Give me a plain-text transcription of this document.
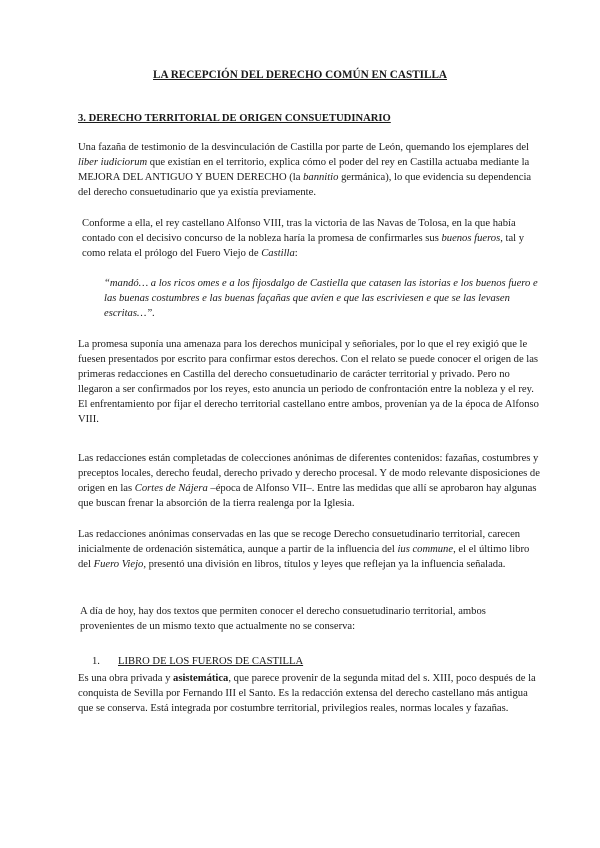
LA RECEPCIÓN DEL DERECHO COMÚN EN CASTILLA
3. DERECHO TERRITORIAL DE ORIGEN CONSUETUDINARIO

Una fazaña de testimonio de la desvinculación de Castilla por parte de León, quemando los ejemplares del liber iudiciorum que existían en el territorio, explica cómo el poder del rey en Castilla actuaba mediante la MEJORA DEL ANTIGUO Y BUEN DERECHO (la bannitio germánica), lo que evidencia su dependencia del derecho consuetudinario que ya existía previamente.

Conforme a ella, el rey castellano Alfonso VIII, tras la victoria de las Navas de Tolosa, en la que había contado con el decisivo concurso de la nobleza haría la promesa de confirmarles sus buenos fueros, tal y como relata el prólogo del Fuero Viejo de Castilla:

“mandó… a los ricos omes e a los fijosdalgo de Castiella que catasen las istorias e los buenos fuero e las buenas costumbres e las buenas façañas que avíen e que las escriviesen e que se las levasen escritas…”.

La promesa suponía una amenaza para los derechos municipal y señoriales, por lo que el rey exigió que le fuesen presentados por escrito para confirmar estos derechos. Con el relato se puede conocer el origen de las primeras redacciones en Castilla del derecho consuetudinario de carácter territorial y privado. Pero no llegaron a ser confirmados por los reyes, esto anuncia un periodo de confrontación entre la nobleza y el rey. El enfrentamiento por fijar el derecho territorial castellano entre ambos, provenían ya de la época de Alfonso VIII.

Las redacciones están completadas de colecciones anónimas de diferentes contenidos: fazañas, costumbres y preceptos locales, derecho feudal, derecho privado y derecho procesal. Y de modo relevante disposiciones de origen en las Cortes de Nájera –época de Alfonso VII–. Entre las medidas que allí se aprobaron hay algunas que buscan frenar la absorción de la tierra realenga por la Iglesia.

Las redacciones anónimas conservadas en las que se recoge Derecho consuetudinario territorial, carecen inicialmente de ordenación sistemática, aunque a partir de la influencia del ius commune, el el último libro del Fuero Viejo, presentó una división en libros, títulos y leyes que reflejan ya la influencia señalada.

A día de hoy, hay dos textos que permiten conocer el derecho consuetudinario territorial, ambos provenientes de un mismo texto que actualmente no se conserva:

1. LIBRO DE LOS FUEROS DE CASTILLA

Es una obra privada y asistemática, que parece provenir de la segunda mitad del s. XIII, poco después de la conquista de Sevilla por Fernando III el Santo. Es la redacción extensa del derecho castellano más antigua que se conserva. Está integrada por costumbre territorial, privilegios reales, normas locales y fazañas.
